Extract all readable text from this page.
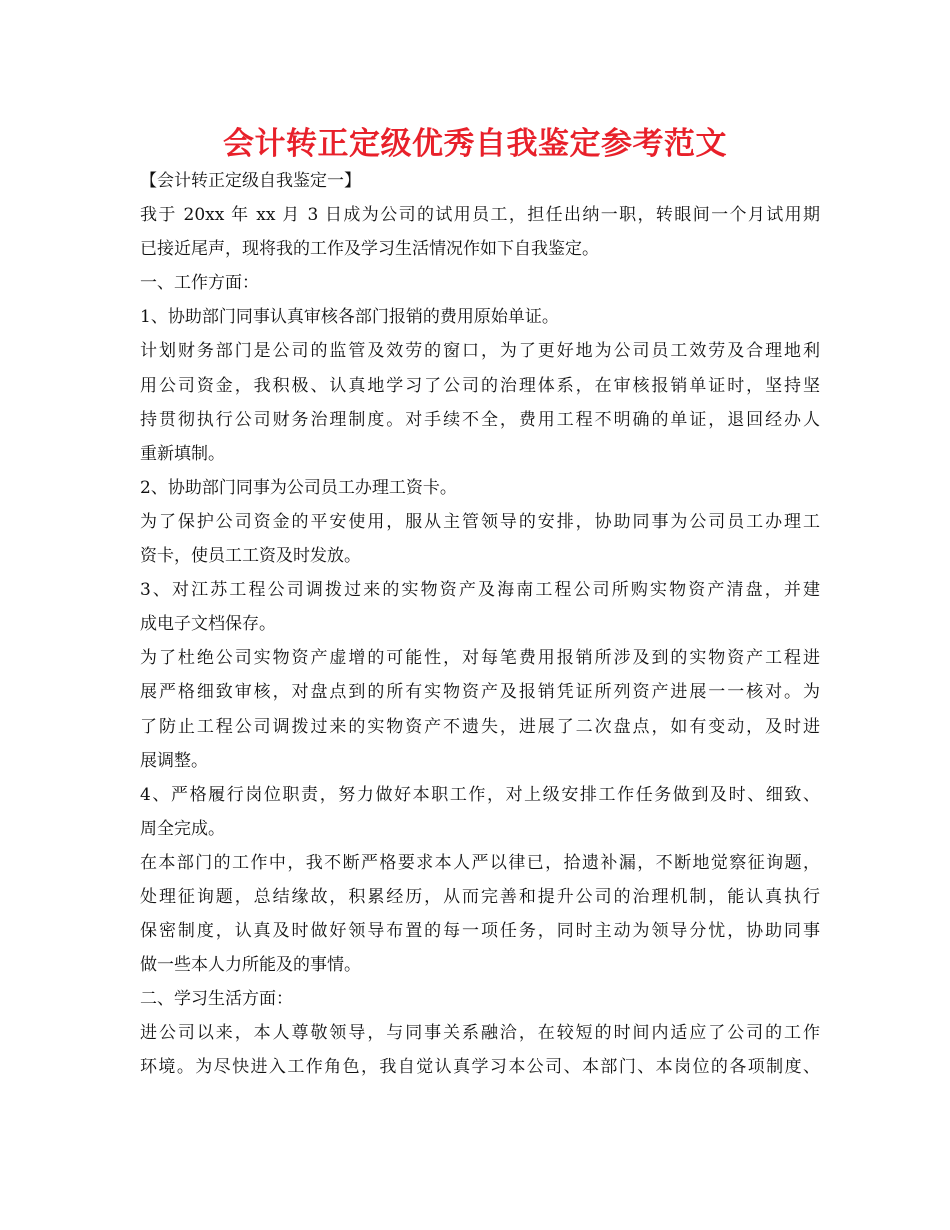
会计转正定级优秀自我鉴定参考范文
【会计转正定级自我鉴定一】
我于 20xx 年 xx 月 3 日成为公司的试用员工，担任出纳一职，转眼间一个月试用期
已接近尾声，现将我的工作及学习生活情况作如下自我鉴定。
一、工作方面：
1、协助部门同事认真审核各部门报销的费用原始单证。
计划财务部门是公司的监管及效劳的窗口，为了更好地为公司员工效劳及合理地利
用公司资金，我积极、认真地学习了公司的治理体系，在审核报销单证时，坚持坚
持贯彻执行公司财务治理制度。对手续不全，费用工程不明确的单证，退回经办人
重新填制。
2、协助部门同事为公司员工办理工资卡。
为了保护公司资金的平安使用，服从主管领导的安排，协助同事为公司员工办理工
资卡，使员工工资及时发放。
3、对江苏工程公司调拨过来的实物资产及海南工程公司所购实物资产清盘，并建
成电子文档保存。
为了杜绝公司实物资产虚增的可能性，对每笔费用报销所涉及到的实物资产工程进
展严格细致审核，对盘点到的所有实物资产及报销凭证所列资产进展一一核对。为
了防止工程公司调拨过来的实物资产不遗失，进展了二次盘点，如有变动，及时进
展调整。
4、严格履行岗位职责，努力做好本职工作，对上级安排工作任务做到及时、细致、
周全完成。
在本部门的工作中，我不断严格要求本人严以律已，拾遗补漏，不断地觉察征询题，
处理征询题，总结缘故，积累经历，从而完善和提升公司的治理机制，能认真执行
保密制度，认真及时做好领导布置的每一项任务，同时主动为领导分忧，协助同事
做一些本人力所能及的事情。
二、学习生活方面：
进公司以来，本人尊敬领导，与同事关系融洽，在较短的时间内适应了公司的工作
环境。为尽快进入工作角色，我自觉认真学习本公司、本部门、本岗位的各项制度、
